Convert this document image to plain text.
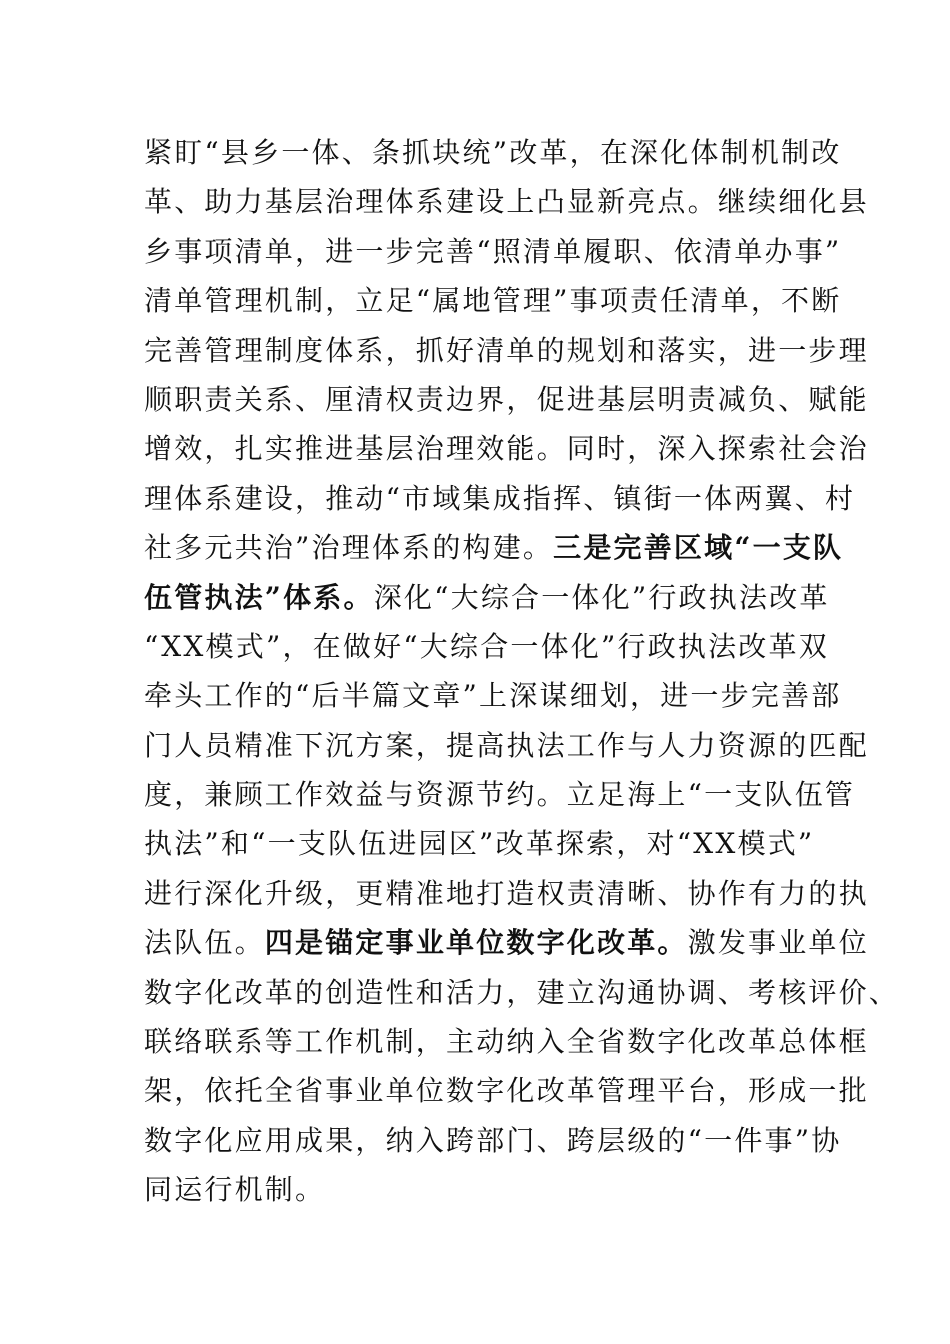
紧盯“县乡一体、条抓块统”改革，在深化体制机制改
革、助力基层治理体系建设上凸显新亮点。继续细化县
乡事项清单，进一步完善“照清单履职、依清单办事”
清单管理机制，立足“属地管理”事项责任清单，不断
完善管理制度体系，抓好清单的规划和落实，进一步理
顺职责关系、厘清权责边界，促进基层明责减负、赋能
增效，扎实推进基层治理效能。同时，深入探索社会治
理体系建设，推动“市域集成指挥、镇街一体两翼、村
社多元共治”治理体系的构建。三是完善区域“一支队
伍管执法”体系。深化“大综合一体化”行政执法改革
“XX模式”，在做好“大综合一体化”行政执法改革双
牵头工作的“后半篇文章”上深谋细划，进一步完善部
门人员精准下沉方案，提高执法工作与人力资源的匹配
度，兼顾工作效益与资源节约。立足海上“一支队伍管
执法”和“一支队伍进园区”改革探索，对“XX模式”
进行深化升级，更精准地打造权责清晰、协作有力的执
法队伍。四是锚定事业单位数字化改革。激发事业单位
数字化改革的创造性和活力，建立沟通协调、考核评价、
联络联系等工作机制，主动纳入全省数字化改革总体框
架，依托全省事业单位数字化改革管理平台，形成一批
数字化应用成果，纳入跨部门、跨层级的“一件事”协
同运行机制。
